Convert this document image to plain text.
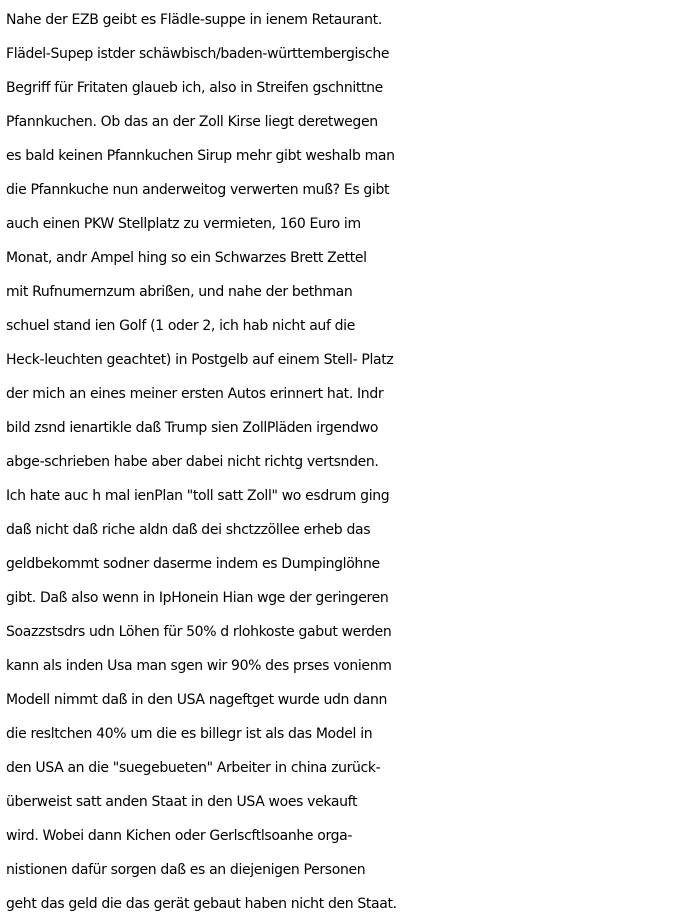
Nahe der EZB geibt es Flädle-suppe in ienem Retaurant.
Flädel-Supep istder schäwbisch/baden-württembergische
Begriff für Fritaten glaueb ich, also in Streifen gschnittne
Pfannkuchen. Ob das an der Zoll Kirse liegt deretwegen
es bald keinen Pfannkuchen Sirup mehr gibt weshalb man
die Pfannkuche nun anderweitog verwerten muß? Es gibt
auch einen PKW Stellplatz zu vermieten, 160 Euro im
Monat, andr Ampel hing so ein Schwarzes Brett Zettel
mit Rufnumernzum abrißen, und nahe der bethman
schuel stand ien Golf (1 oder 2, ich hab nicht auf die
Heck-leuchten geachtet) in Postgelb auf einem Stell- Platz
der mich an eines meiner ersten Autos erinnert hat. Indr
bild zsnd ienartikle daß Trump sien ZollPläden irgendwo
abge-schrieben habe aber dabei nicht richtg vertsnden.
Ich hate auc h mal ienPlan "toll satt Zoll" wo esdrum ging
daß nicht daß riche aldn daß dei shctzzöllee erheb das
geldbekommt sodner daserme indem es Dumpinglöhne
gibt. Daß also wenn in IpHonein Hian wge der geringeren
Soazzstsdrs udn Löhen für 50% d rlohkoste gabut werden
kann als inden Usa man sgen wir 90% des prses vonienm
Modell nimmt daß in den USA nageftget wurde udn dann
die resltchen 40% um die es billegr ist als das Model in
den USA an die "suegebueten" Arbeiter in china zurück-
überweist satt anden Staat in den USA woes vekauft
wird. Wobei dann Kichen oder Gerlscftlsoanhe orga-
nistionen dafür sorgen daß es an diejenigen Personen
geht das geld die das gerät gebaut haben nicht den Staat.
